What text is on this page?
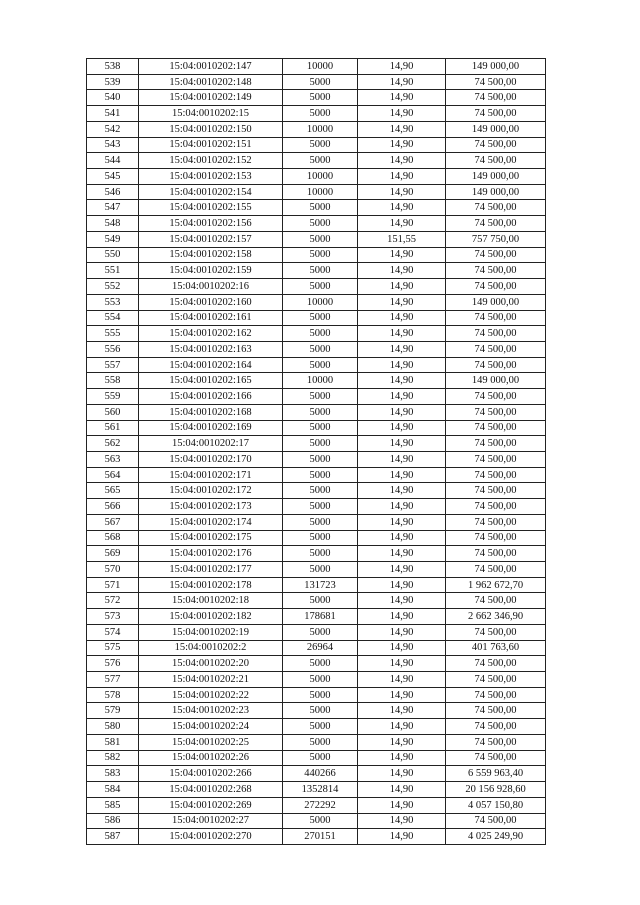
538	15:04:0010202:147	10000	14,90	149 000,00
539	15:04:0010202:148	5000	14,90	74 500,00
540	15:04:0010202:149	5000	14,90	74 500,00
541	15:04:0010202:15	5000	14,90	74 500,00
542	15:04:0010202:150	10000	14,90	149 000,00
543	15:04:0010202:151	5000	14,90	74 500,00
544	15:04:0010202:152	5000	14,90	74 500,00
545	15:04:0010202:153	10000	14,90	149 000,00
546	15:04:0010202:154	10000	14,90	149 000,00
547	15:04:0010202:155	5000	14,90	74 500,00
548	15:04:0010202:156	5000	14,90	74 500,00
549	15:04:0010202:157	5000	151,55	757 750,00
550	15:04:0010202:158	5000	14,90	74 500,00
551	15:04:0010202:159	5000	14,90	74 500,00
552	15:04:0010202:16	5000	14,90	74 500,00
553	15:04:0010202:160	10000	14,90	149 000,00
554	15:04:0010202:161	5000	14,90	74 500,00
555	15:04:0010202:162	5000	14,90	74 500,00
556	15:04:0010202:163	5000	14,90	74 500,00
557	15:04:0010202:164	5000	14,90	74 500,00
558	15:04:0010202:165	10000	14,90	149 000,00
559	15:04:0010202:166	5000	14,90	74 500,00
560	15:04:0010202:168	5000	14,90	74 500,00
561	15:04:0010202:169	5000	14,90	74 500,00
562	15:04:0010202:17	5000	14,90	74 500,00
563	15:04:0010202:170	5000	14,90	74 500,00
564	15:04:0010202:171	5000	14,90	74 500,00
565	15:04:0010202:172	5000	14,90	74 500,00
566	15:04:0010202:173	5000	14,90	74 500,00
567	15:04:0010202:174	5000	14,90	74 500,00
568	15:04:0010202:175	5000	14,90	74 500,00
569	15:04:0010202:176	5000	14,90	74 500,00
570	15:04:0010202:177	5000	14,90	74 500,00
571	15:04:0010202:178	131723	14,90	1 962 672,70
572	15:04:0010202:18	5000	14,90	74 500,00
573	15:04:0010202:182	178681	14,90	2 662 346,90
574	15:04:0010202:19	5000	14,90	74 500,00
575	15:04:0010202:2	26964	14,90	401 763,60
576	15:04:0010202:20	5000	14,90	74 500,00
577	15:04:0010202:21	5000	14,90	74 500,00
578	15:04:0010202:22	5000	14,90	74 500,00
579	15:04:0010202:23	5000	14,90	74 500,00
580	15:04:0010202:24	5000	14,90	74 500,00
581	15:04:0010202:25	5000	14,90	74 500,00
582	15:04:0010202:26	5000	14,90	74 500,00
583	15:04:0010202:266	440266	14,90	6 559 963,40
584	15:04:0010202:268	1352814	14,90	20 156 928,60
585	15:04:0010202:269	272292	14,90	4 057 150,80
586	15:04:0010202:27	5000	14,90	74 500,00
587	15:04:0010202:270	270151	14,90	4 025 249,90
